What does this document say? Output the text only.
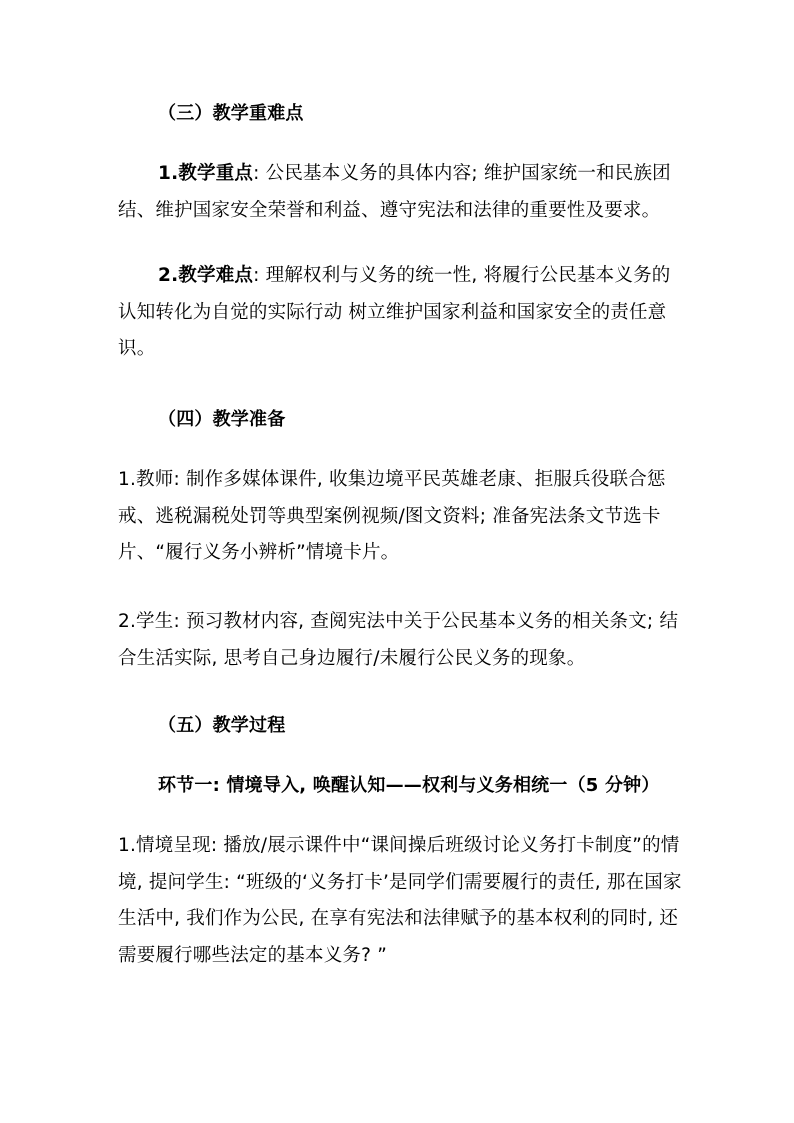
（三）教学重难点
1.教学重点: 公民基本义务的具体内容; 维护国家统一和民族团结、维护国家安全荣誉和利益、遵守宪法和法律的重要性及要求。
2.教学难点: 理解权利与义务的统一性, 将履行公民基本义务的认知转化为自觉的实际行动 树立维护国家利益和国家安全的责任意识。
（四）教学准备
1.教师: 制作多媒体课件, 收集边境平民英雄老康、拒服兵役联合惩戒、逃税漏税处罚等典型案例视频/图文资料; 准备宪法条文节选卡片、“履行义务小辨析”情境卡片。
2.学生: 预习教材内容, 查阅宪法中关于公民基本义务的相关条文; 结合生活实际, 思考自己身边履行/未履行公民义务的现象。
（五）教学过程
环节一: 情境导入, 唤醒认知——权利与义务相统一（5 分钟）
1.情境呈现: 播放/展示课件中“课间操后班级讨论义务打卡制度”的情境, 提问学生: “班级的‘义务打卡’是同学们需要履行的责任, 那在国家生活中, 我们作为公民, 在享有宪法和法律赋予的基本权利的同时, 还需要履行哪些法定的基本义务? ”
